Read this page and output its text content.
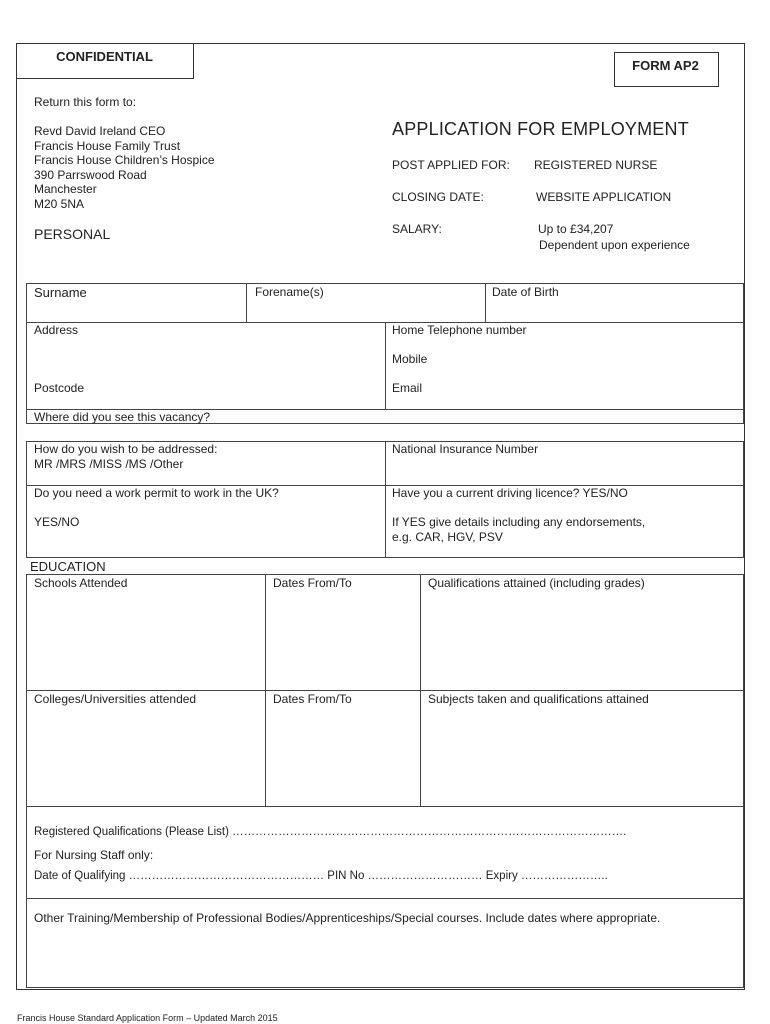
CONFIDENTIAL
FORM AP2
Return this form to:
Revd David Ireland CEO
Francis House Family Trust
Francis House Children’s Hospice
390 Parrswood Road
Manchester
M20 5NA
PERSONAL
APPLICATION FOR EMPLOYMENT
POST APPLIED FOR: REGISTERED NURSE
CLOSING DATE:	WEBSITE APPLICATION
SALARY:	Up to £34,207
Dependent upon experience
Surname	Forename(s)	Date of Birth
Address
Postcode
Home Telephone number
Mobile
Email
Where did you see this vacancy?
How do you wish to be addressed:
MR /MRS /MISS /MS /Other
National Insurance Number
Do you need a work permit to work in the UK?
YES/NO
Have you a current driving licence? YES/NO
If YES give details including any endorsements,
e.g. CAR, HGV, PSV
EDUCATION
Schools Attended	Dates From/To	Qualifications attained (including grades)
Colleges/Universities attended	Dates From/To	Subjects taken and qualifications attained
Registered Qualifications (Please List) ………………………………………………………………………………………….
For Nursing Staff only:
Date of Qualifying …………………………………………… PIN No ………………………… Expiry …………………..
Other Training/Membership of Professional Bodies/Apprenticeships/Special courses. Include dates where appropriate.
Francis House Standard Application Form – Updated March 2015
